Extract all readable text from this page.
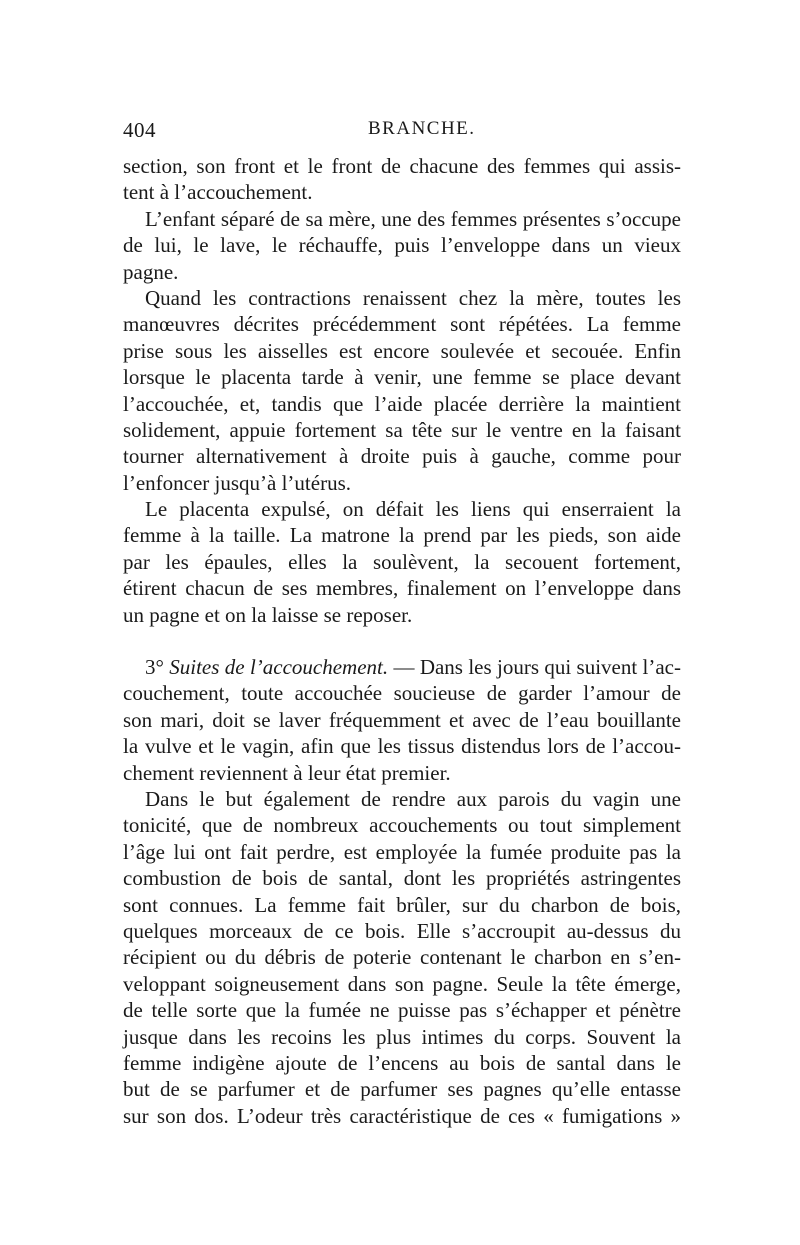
404	BRANCHE.
section, son front et le front de chacune des femmes qui assis-
tent à l’accouchement.
L’enfant séparé de sa mère, une des femmes présentes s’occupe
de lui, le lave, le réchauffe, puis l’enveloppe dans un vieux
pagne.
Quand les contractions renaissent chez la mère, toutes les
manœuvres décrites précédemment sont répétées. La femme
prise sous les aisselles est encore soulevée et secouée. Enfin
lorsque le placenta tarde à venir, une femme se place devant
l’accouchée, et, tandis que l’aide placée derrière la maintient
solidement, appuie fortement sa tête sur le ventre en la faisant
tourner alternativement à droite puis à gauche, comme pour
l’enfoncer jusqu’à l’utérus.
Le placenta expulsé, on défait les liens qui enserraient la
femme à la taille. La matrone la prend par les pieds, son aide
par les épaules, elles la soulèvent, la secouent fortement,
étirent chacun de ses membres, finalement on l’enveloppe dans
un pagne et on la laisse se reposer.
3° Suites de l’accouchement. — Dans les jours qui suivent l’ac-
couchement, toute accouchée soucieuse de garder l’amour de
son mari, doit se laver fréquemment et avec de l’eau bouillante
la vulve et le vagin, afin que les tissus distendus lors de l’accou-
chement reviennent à leur état premier.
Dans le but également de rendre aux parois du vagin une
tonicité, que de nombreux accouchements ou tout simplement
l’âge lui ont fait perdre, est employée la fumée produite pas la
combustion de bois de santal, dont les propriétés astringentes
sont connues. La femme fait brûler, sur du charbon de bois,
quelques morceaux de ce bois. Elle s’accroupit au-dessus du
récipient ou du débris de poterie contenant le charbon en s’en-
veloppant soigneusement dans son pagne. Seule la tête émerge,
de telle sorte que la fumée ne puisse pas s’échapper et pénètre
jusque dans les recoins les plus intimes du corps. Souvent la
femme indigène ajoute de l’encens au bois de santal dans le
but de se parfumer et de parfumer ses pagnes qu’elle entasse
sur son dos. L’odeur très caractéristique de ces « fumigations »
